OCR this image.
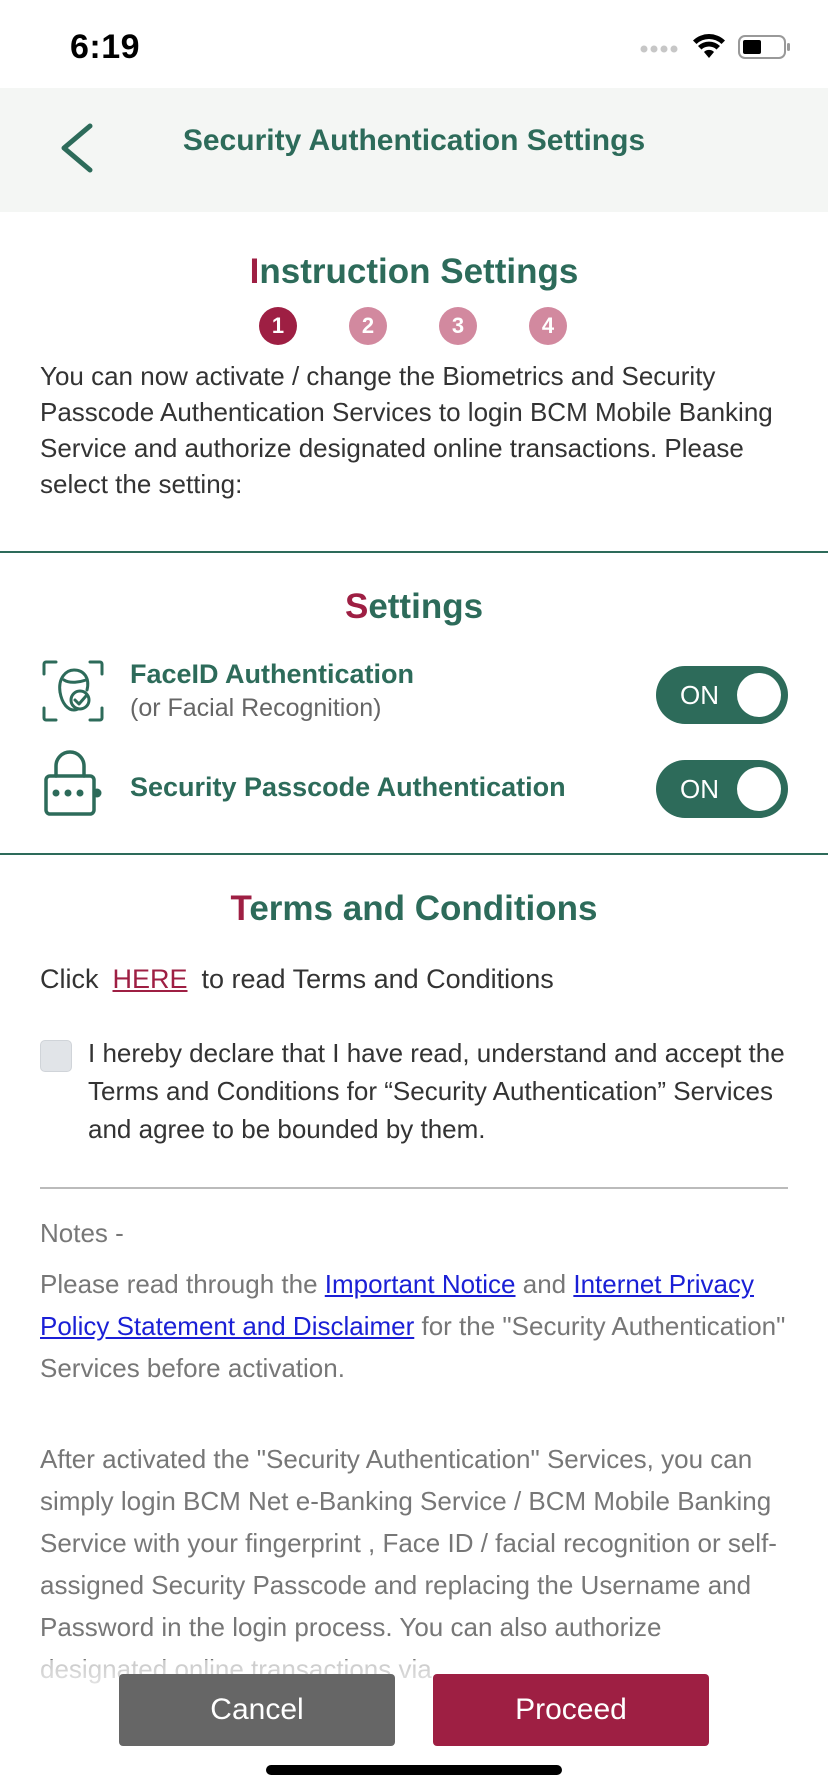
6:19
Security Authentication Settings
Instruction Settings
1	2	3	4
You can now activate / change the Biometrics and Security Passcode Authentication Services to login BCM Mobile Banking Service and authorize designated online transactions. Please select the setting:
Settings
FaceID Authentication
(or Facial Recognition)	ON
Security Passcode Authentication	ON
Terms and Conditions
Click HERE to read Terms and Conditions
I hereby declare that I have read, understand and accept the Terms and Conditions for “Security Authentication” Services and agree to be bounded by them.
Notes -
Please read through the Important Notice and Internet Privacy Policy Statement and Disclaimer for the "Security Authentication" Services before activation.
After activated the "Security Authentication" Services, you can simply login BCM Net e-Banking Service / BCM Mobile Banking Service with your fingerprint , Face ID / facial recognition or self-assigned Security Passcode and replacing the Username and Password in the login process. You can also authorize
Cancel	Proceed
